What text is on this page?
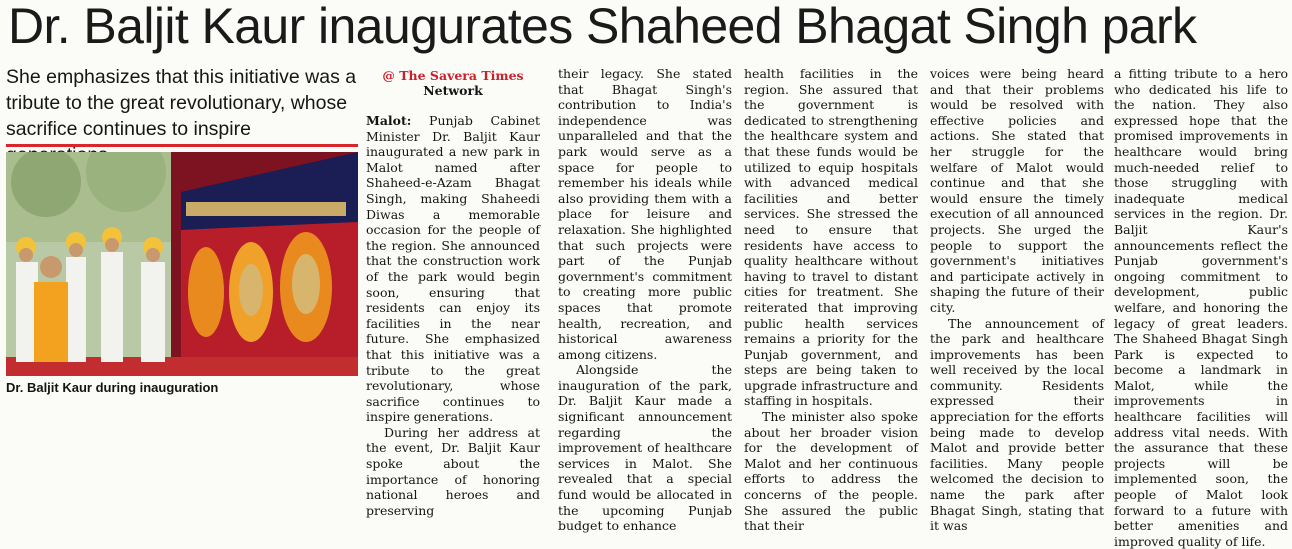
Dr. Baljit Kaur inaugurates Shaheed Bhagat Singh park
She emphasizes that this initiative was a tribute to the great revolutionary, whose sacrifice continues to inspire
Dr. Baljit Kaur during inauguration
@ The Savera Times
Network

Malot: Punjab Cabinet Minister Dr. Baljit Kaur inaugurated a new park in Malot named after Shaheed-e-Azam Bhagat Singh, making Shaheedi Diwas a memorable occasion for the people of the region. She announced that the construction work of the park would begin soon, ensuring that residents can enjoy its facilities in the near future. She emphasized that this initiative was a tribute to the great revolutionary, whose sacrifice continues to inspire generations.

During her address at the event, Dr. Baljit Kaur spoke about the importance of honoring national heroes and preserving

their legacy. She stated that Bhagat Singh's contribution to India's independence was unparalleled and that the park would serve as a space for people to remember his ideals while also providing them with a place for leisure and relaxation. She highlighted that such projects were part of the Punjab government's commitment to creating more public spaces that promote health, recreation, and historical awareness among citizens.

Alongside the inauguration of the park, Dr. Baljit Kaur made a significant announcement regarding the improvement of healthcare services in Malot. She revealed that a special fund would be allocated in the upcoming Punjab budget to enhance

health facilities in the region. She assured that the government is dedicated to strengthening the healthcare system and that these funds would be utilized to equip hospitals with advanced medical facilities and better services. She stressed the need to ensure that residents have access to quality healthcare without having to travel to distant cities for treatment. She reiterated that improving public health services remains a priority for the Punjab government, and steps are being taken to upgrade infrastructure and staffing in hospitals.

The minister also spoke about her broader vision for the development of Malot and her continuous efforts to address the concerns of the people. She assured the public that their

voices were being heard and that their problems would be resolved with effective policies and actions. She stated that her struggle for the welfare of Malot would continue and that she would ensure the timely execution of all announced projects. She urged the people to support the government's initiatives and participate actively in shaping the future of their city.

The announcement of the park and healthcare improvements has been well received by the local community. Residents expressed their appreciation for the efforts being made to develop Malot and provide better facilities. Many people welcomed the decision to name the park after Bhagat Singh, stating that it was

a fitting tribute to a hero who dedicated his life to the nation. They also expressed hope that the promised improvements in healthcare would bring much-needed relief to those struggling with inadequate medical services in the region. Dr. Baljit Kaur's announcements reflect the Punjab government's ongoing commitment to development, public welfare, and honoring the legacy of great leaders. The Shaheed Bhagat Singh Park is expected to become a landmark in Malot, while the improvements in healthcare facilities will address vital needs. With the assurance that these projects will be implemented soon, the people of Malot look forward to a future with better amenities and improved quality of life.
